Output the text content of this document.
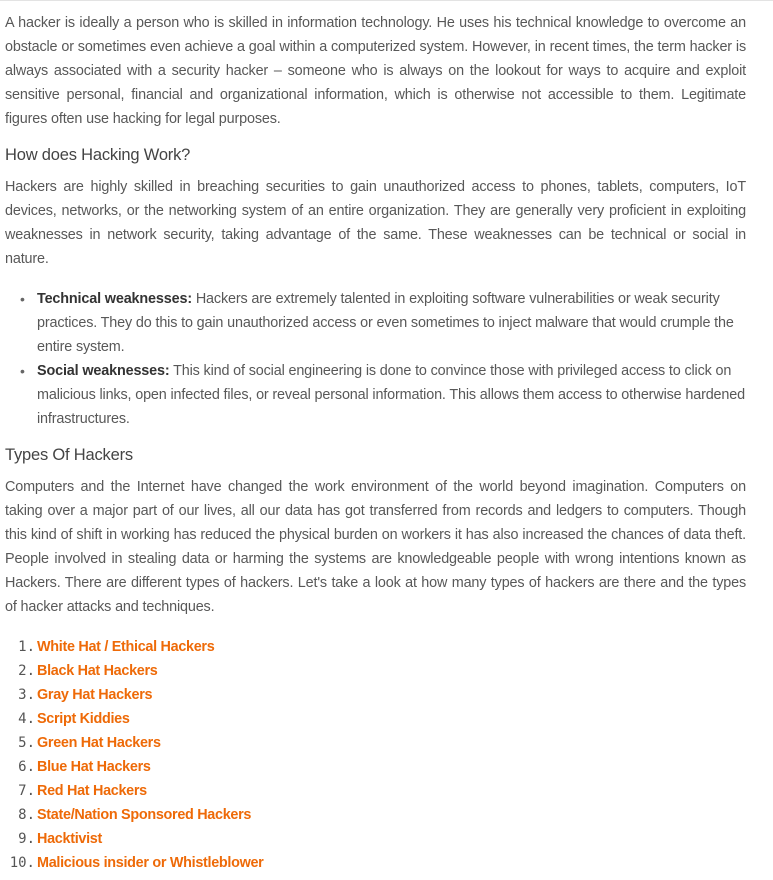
A hacker is ideally a person who is skilled in information technology. He uses his technical knowledge to overcome an obstacle or sometimes even achieve a goal within a computerized system. However, in recent times, the term hacker is always associated with a security hacker – someone who is always on the lookout for ways to acquire and exploit sensitive personal, financial and organizational information, which is otherwise not accessible to them. Legitimate figures often use hacking for legal purposes.

How does Hacking Work?

Hackers are highly skilled in breaching securities to gain unauthorized access to phones, tablets, computers, IoT devices, networks, or the networking system of an entire organization. They are generally very proficient in exploiting weaknesses in network security, taking advantage of the same. These weaknesses can be technical or social in nature.

• Technical weaknesses: Hackers are extremely talented in exploiting software vulnerabilities or weak security practices. They do this to gain unauthorized access or even sometimes to inject malware that would crumple the entire system.
• Social weaknesses: This kind of social engineering is done to convince those with privileged access to click on malicious links, open infected files, or reveal personal information. This allows them access to otherwise hardened infrastructures.
Types Of Hackers

Computers and the Internet have changed the work environment of the world beyond imagination. Computers on taking over a major part of our lives, all our data has got transferred from records and ledgers to computers. Though this kind of shift in working has reduced the physical burden on workers it has also increased the chances of data theft. People involved in stealing data or harming the systems are knowledgeable people with wrong intentions known as Hackers. There are different types of hackers. Let's take a look at how many types of hackers are there and the types of hacker attacks and techniques.

1. White Hat / Ethical Hackers
2. Black Hat Hackers
3. Gray Hat Hackers
4. Script Kiddies
5. Green Hat Hackers
6. Blue Hat Hackers
7. Red Hat Hackers
8. State/Nation Sponsored Hackers
9. Hacktivist
10. Malicious insider or Whistleblower
